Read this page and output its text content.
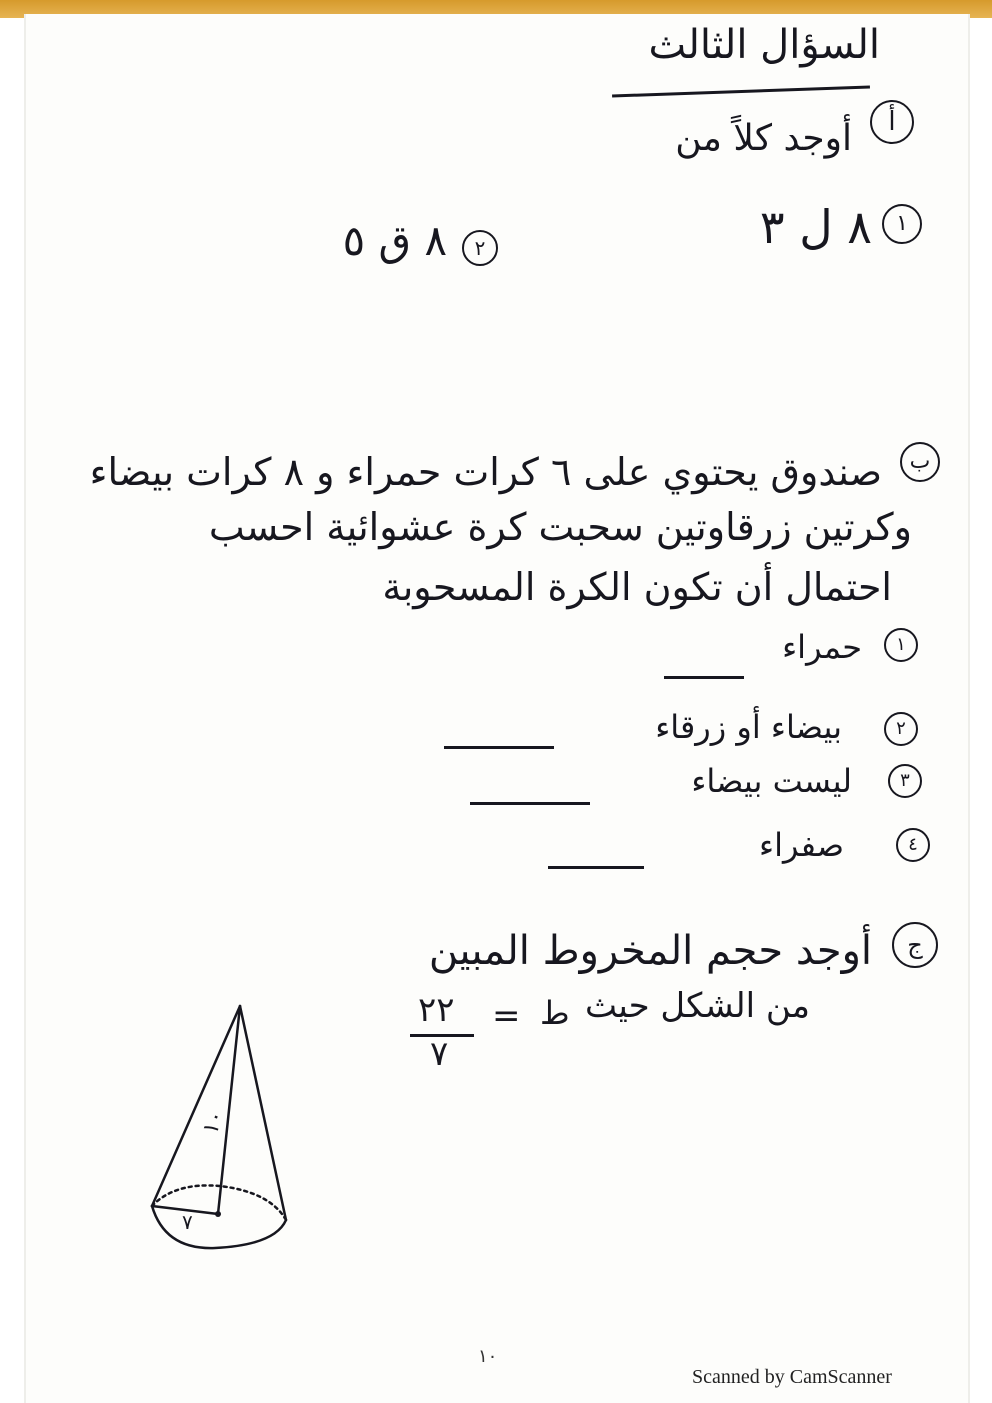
السؤال الثالث
أ
أوجد كلاً من
١
٨ ل ٣
٢
٨ ق ٥
ب
صندوق يحتوي على ٦ كرات حمراء و ٨ كرات بيضاء
وكرتين زرقاوتين سحبت كرة عشوائية احسب
احتمال أن تكون الكرة المسحوبة
١
حمراء
٢
بيضاء أو زرقاء
٣
ليست بيضاء
٤
صفراء
ج
أوجد حجم المخروط المبين
من الشكل حيث
ط
=
٢٢
٧
١٠
٧
١٠
Scanned by CamScanner
